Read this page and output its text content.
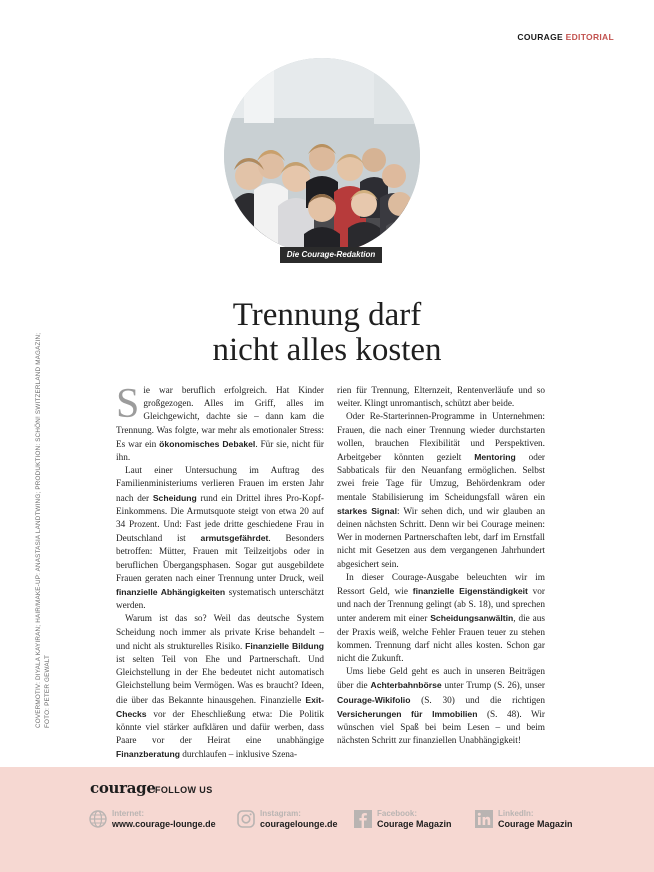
COURAGE EDITORIAL
Die Courage-Redaktion
COVERMOTIV: DIYALA KAYIRAN; HAIR/MAKE-UP: ANASTASIA LANDTWING; PRODUKTION: SCHÖN! SWITZERLAND MAGAZIN; FOTO: PETER GEWALT
Trennung darf
nicht alles kosten

Sie war beruflich erfolgreich. Hat Kinder großgezogen. Alles im Griff, alles im Gleichgewicht, dachte sie – dann kam die Trennung. Was folgte, war mehr als emotionaler Stress: Es war ein ökonomisches Debakel. Für sie, nicht für ihn.

Laut einer Untersuchung im Auftrag des Familienministeriums verlieren Frauen im ersten Jahr nach der Scheidung rund ein Drittel ihres Pro-Kopf-Einkommens. Die Armutsquote steigt von etwa 20 auf 34 Prozent. Und: Fast jede dritte geschiedene Frau in Deutschland ist armutsgefährdet. Besonders betroffen: Mütter, Frauen mit Teilzeitjobs oder in beruflichen Übergangsphasen. Sogar gut ausgebildete Frauen geraten nach einer Trennung unter Druck, weil finanzielle Abhängigkeiten systematisch unterschätzt werden.

Warum ist das so? Weil das deutsche System Scheidung noch immer als private Krise behandelt – und nicht als strukturelles Risiko. Finanzielle Bildung ist selten Teil von Ehe und Partnerschaft. Und Gleichstellung in der Ehe bedeutet nicht automatisch Gleichstellung beim Vermögen. Was es braucht? Ideen, die über das Bekannte hinausgehen. Finanzielle Exit-Checks vor der Eheschließung etwa: Die Politik könnte viel stärker aufklären und dafür werben, dass Paare vor der Heirat eine unabhängige Finanzberatung durchlaufen – inklusive Szena-

rien für Trennung, Elternzeit, Rentenverläufe und so weiter. Klingt unromantisch, schützt aber beide.

Oder Re-Starterinnen-Programme in Unternehmen: Frauen, die nach einer Trennung wieder durchstarten wollen, brauchen Flexibilität und Perspektiven. Arbeitgeber könnten gezielt Mentoring oder Sabbaticals für den Neuanfang ermöglichen. Selbst zwei freie Tage für Umzug, Behördenkram oder mentale Stabilisierung im Scheidungsfall wären ein starkes Signal: Wir sehen dich, und wir glauben an deinen nächsten Schritt. Denn wir bei Courage meinen: Wer in modernen Partnerschaften lebt, darf im Ernstfall nicht mit Gesetzen aus dem vergangenen Jahrhundert abgesichert sein.

In dieser Courage-Ausgabe beleuchten wir im Ressort Geld, wie finanzielle Eigenständigkeit vor und nach der Trennung gelingt (ab S. 18), und sprechen unter anderem mit einer Scheidungsanwältin, die aus der Praxis weiß, welche Fehler Frauen teuer zu stehen kommen. Trennung darf nicht alles kosten. Schon gar nicht die Zukunft.

Ums liebe Geld geht es auch in unseren Beiträgen über die Achterbahnbörse unter Trump (S. 26), unser Courage-Wikifolio (S. 30) und die richtigen Versicherungen für Immobilien (S. 48). Wir wünschen viel Spaß bei beim Lesen – und beim nächsten Schritt zur finanziellen Unabhängigkeit!

courage FOLLOW US
Internet:
www.courage-lounge.de
Instagram:
couragelounge.de
Facebook:
Courage Magazin
LinkedIn:
Courage Magazin
